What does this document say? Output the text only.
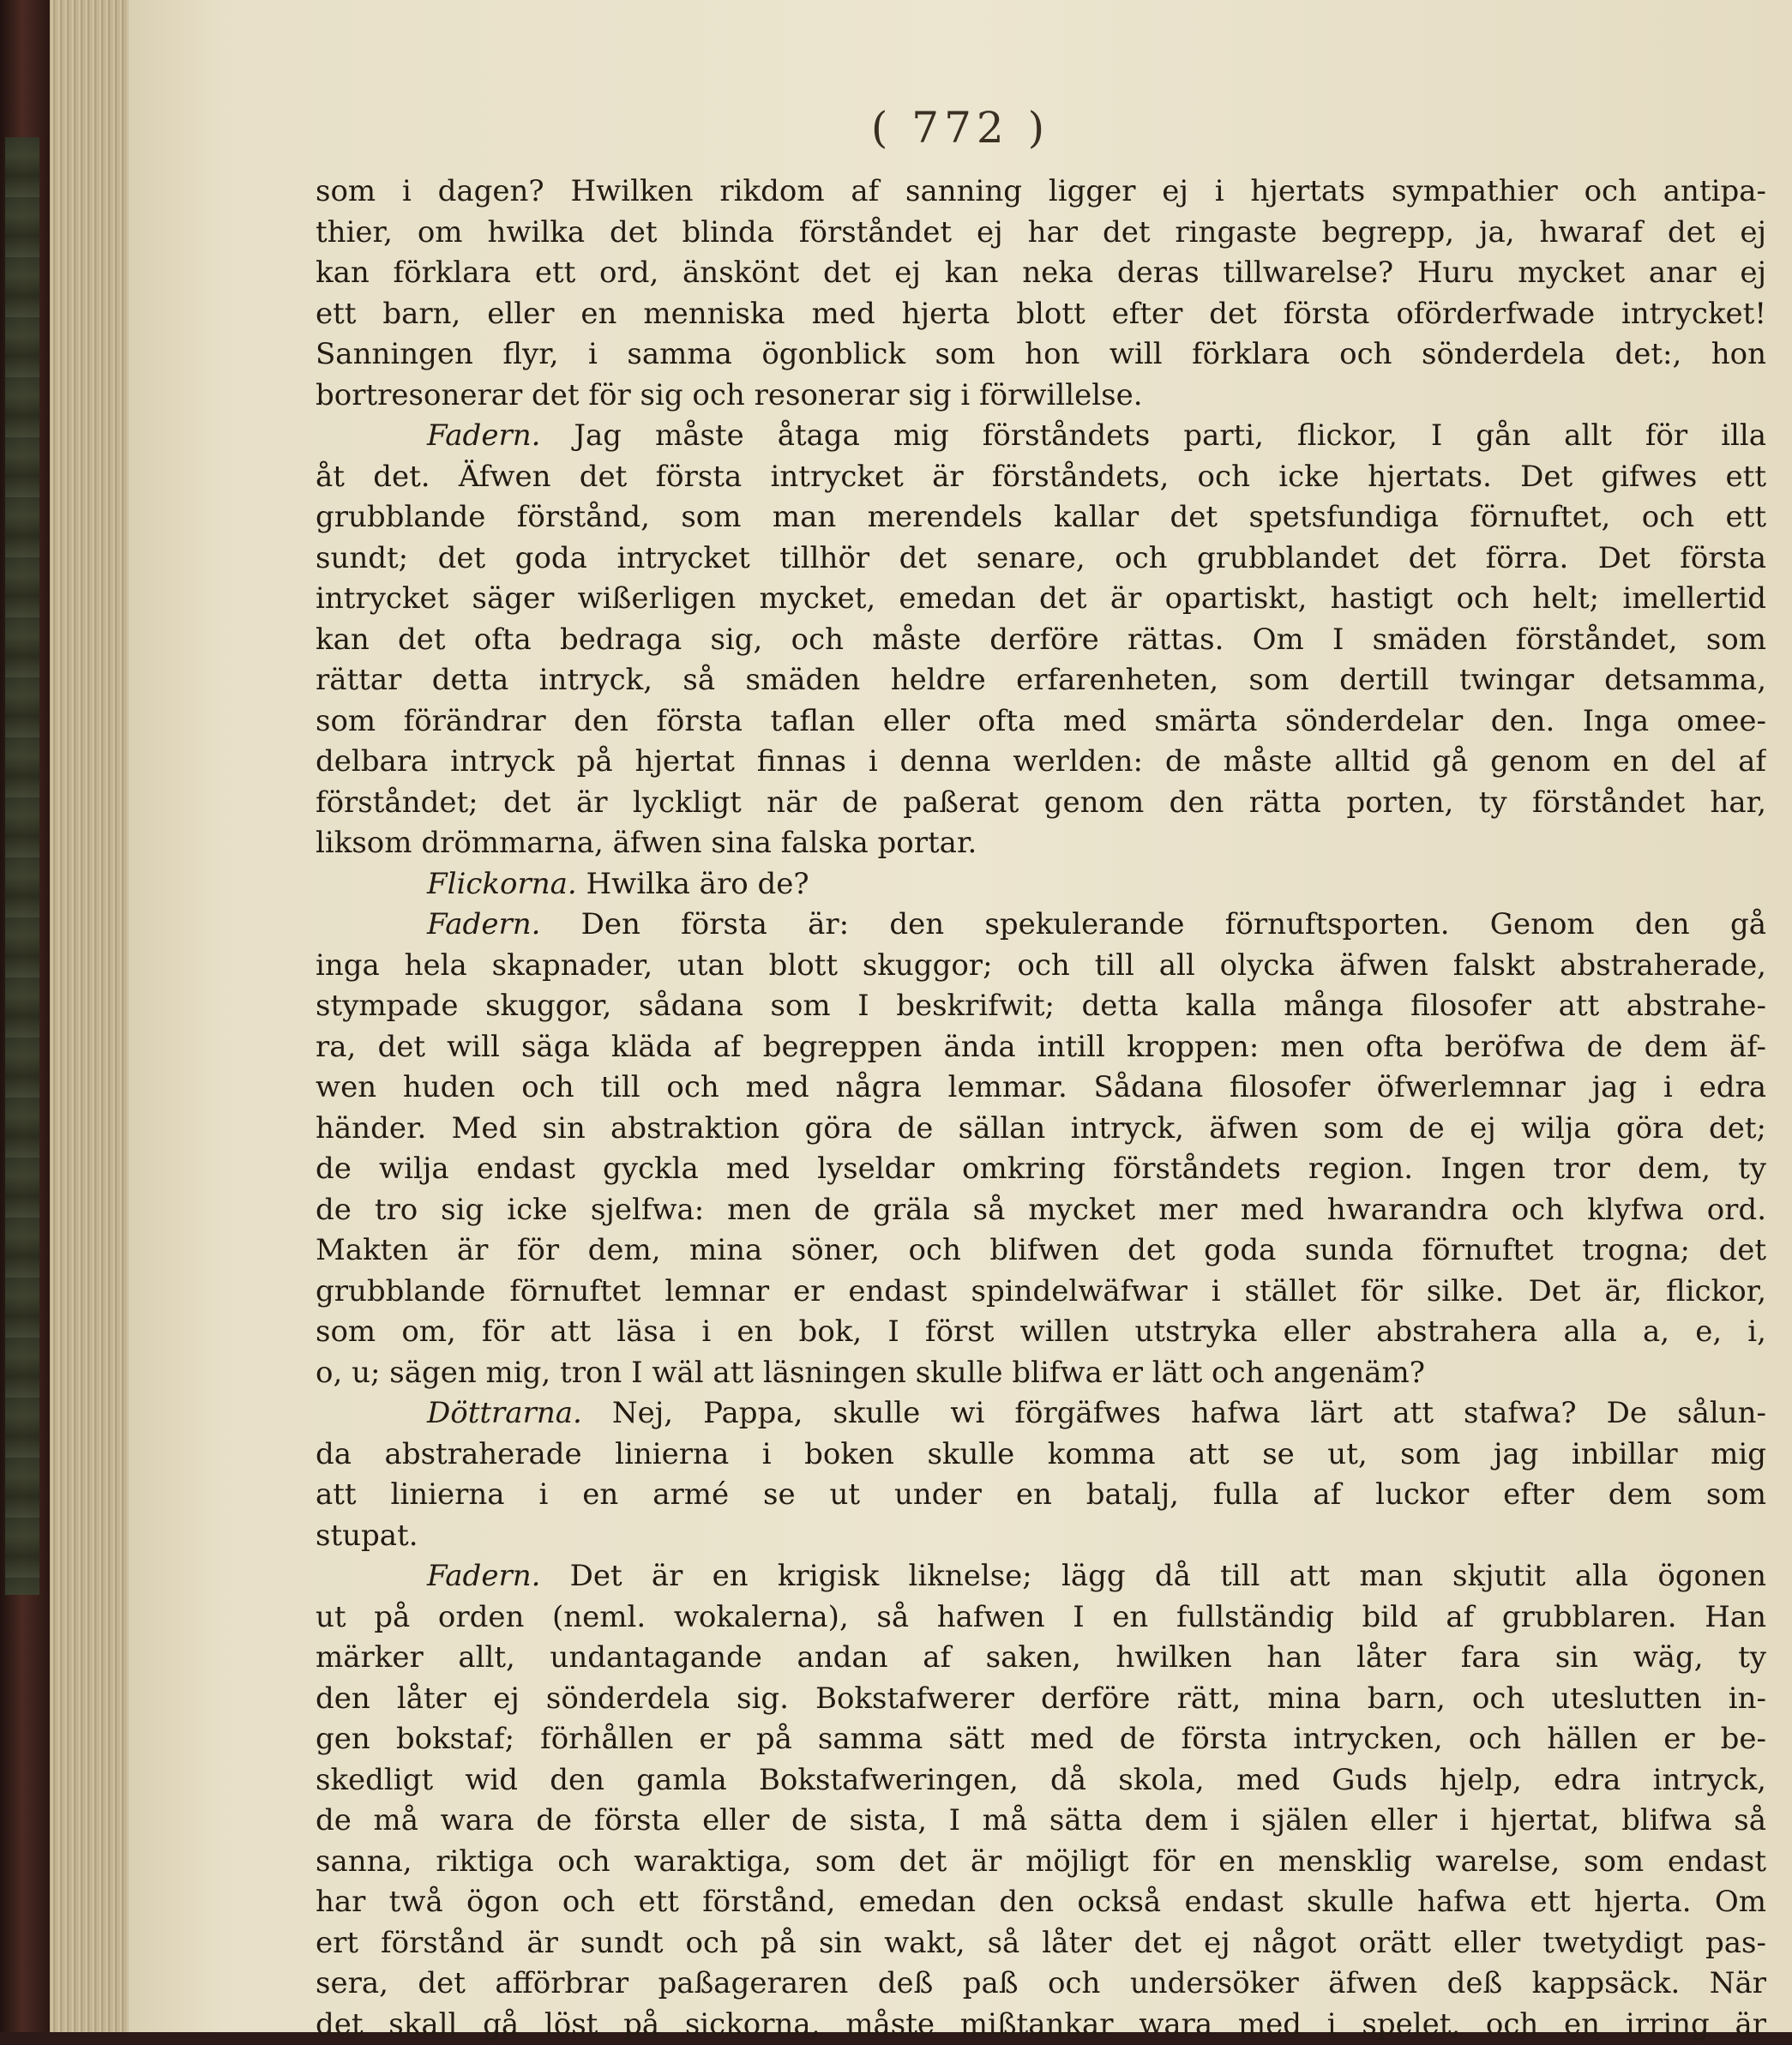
( 772 )
som i dagen? Hwilken rikdom af sanning ligger ej i hjertats sympathier och antipa-
thier, om hwilka det blinda förståndet ej har det ringaste begrepp, ja, hwaraf det ej
kan förklara ett ord, änskönt det ej kan neka deras tillwarelse? Huru mycket anar ej
ett barn, eller en menniska med hjerta blott efter det första oförderfwade intrycket!
Sanningen flyr, i samma ögonblick som hon will förklara och sönderdela det:, hon
bortresonerar det för sig och resonerar sig i förwillelse.
Fadern. Jag måste åtaga mig förståndets parti, flickor, I gån allt för illa
åt det. Äfwen det första intrycket är förståndets, och icke hjertats. Det gifwes ett
grubblande förstånd, som man merendels kallar det spetsfundiga förnuftet, och ett
sundt; det goda intrycket tillhör det senare, och grubblandet det förra. Det första
intrycket säger wißerligen mycket, emedan det är opartiskt, hastigt och helt; imellertid
kan det ofta bedraga sig, och måste derföre rättas. Om I smäden förståndet, som
rättar detta intryck, så smäden heldre erfarenheten, som dertill twingar detsamma,
som förändrar den första taflan eller ofta med smärta sönderdelar den. Inga omee-
delbara intryck på hjertat finnas i denna werlden: de måste alltid gå genom en del af
förståndet; det är lyckligt när de paßerat genom den rätta porten, ty förståndet har,
liksom drömmarna, äfwen sina falska portar.
Flickorna. Hwilka äro de?
Fadern. Den första är: den spekulerande förnuftsporten. Genom den gå
inga hela skapnader, utan blott skuggor; och till all olycka äfwen falskt abstraherade,
stympade skuggor, sådana som I beskrifwit; detta kalla många filosofer att abstrahe-
ra, det will säga kläda af begreppen ända intill kroppen: men ofta beröfwa de dem äf-
wen huden och till och med några lemmar. Sådana filosofer öfwerlemnar jag i edra
händer. Med sin abstraktion göra de sällan intryck, äfwen som de ej wilja göra det;
de wilja endast gyckla med lyseldar omkring förståndets region. Ingen tror dem, ty
de tro sig icke sjelfwa: men de gräla så mycket mer med hwarandra och klyfwa ord.
Makten är för dem, mina söner, och blifwen det goda sunda förnuftet trogna; det
grubblande förnuftet lemnar er endast spindelwäfwar i stället för silke. Det är, flickor,
som om, för att läsa i en bok, I först willen utstryka eller abstrahera alla a, e, i,
o, u; sägen mig, tron I wäl att läsningen skulle blifwa er lätt och angenäm?
Döttrarna. Nej, Pappa, skulle wi förgäfwes hafwa lärt att stafwa? De sålun-
da abstraherade linierna i boken skulle komma att se ut, som jag inbillar mig
att linierna i en armé se ut under en batalj, fulla af luckor efter dem som
stupat.
Fadern. Det är en krigisk liknelse; lägg då till att man skjutit alla ögonen
ut på orden (neml. wokalerna), så hafwen I en fullständig bild af grubblaren. Han
märker allt, undantagande andan af saken, hwilken han låter fara sin wäg, ty
den låter ej sönderdela sig. Bokstafwerer derföre rätt, mina barn, och uteslutten in-
gen bokstaf; förhållen er på samma sätt med de första intrycken, och hällen er be-
skedligt wid den gamla Bokstafweringen, då skola, med Guds hjelp, edra intryck,
de må wara de första eller de sista, I må sätta dem i själen eller i hjertat, blifwa så
sanna, riktiga och waraktiga, som det är möjligt för en mensklig warelse, som endast
har twå ögon och ett förstånd, emedan den också endast skulle hafwa ett hjerta. Om
ert förstånd är sundt och på sin wakt, så låter det ej något orätt eller twetydigt pas-
sera, det afförbrar paßageraren deß paß och undersöker äfwen deß kappsäck. När
det skall gå löst på sickorna, måste mißtankar wara med i spelet, och en irring är
